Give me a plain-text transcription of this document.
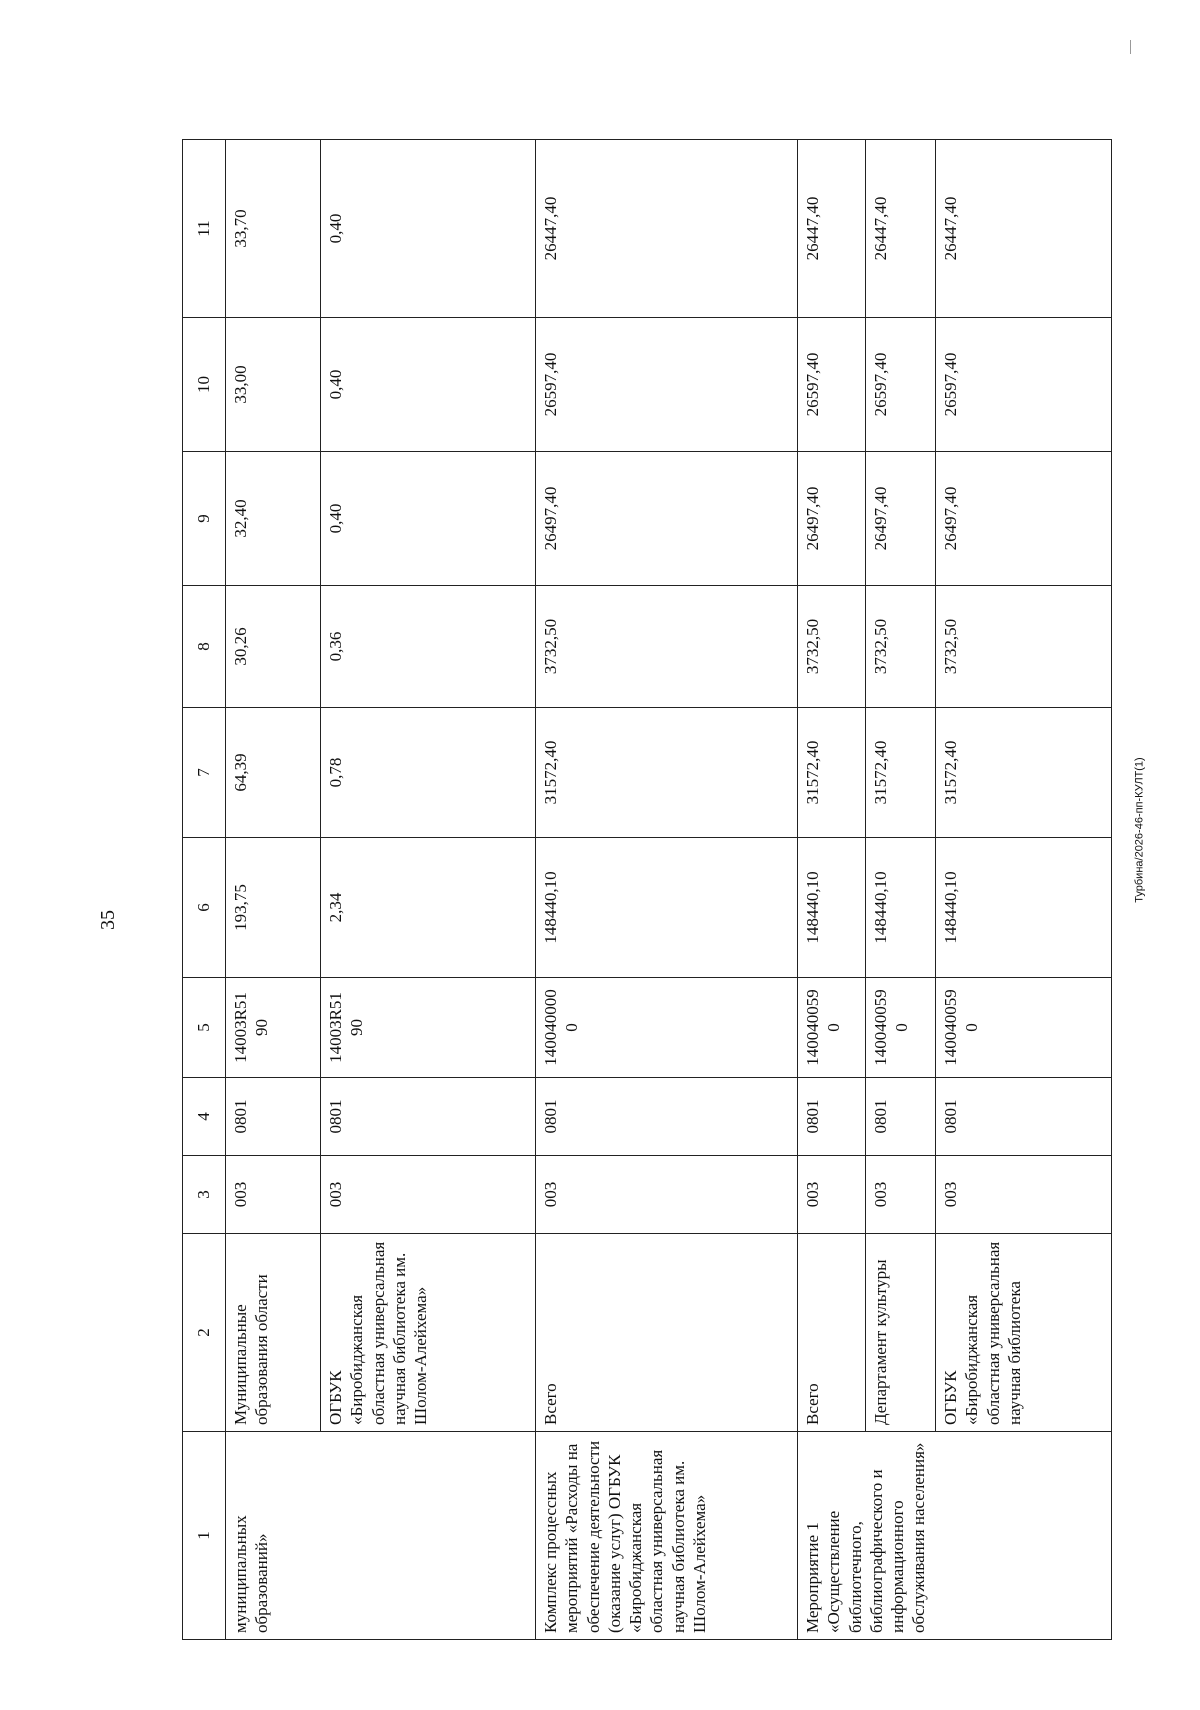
35
Турбина/2026-46-пп-КУЛТ(1)
1	2	3	4	5	6	7	8	9	10	11
муниципальных образований»	Муниципальные образования области	003	0801	14003R51 90	193,75	64,39	30,26	32,40	33,00	33,70
	ОГБУК «Биробиджанская областная универсальная научная библиотека им. Шолом-Алейхема»	003	0801	14003R51 90	2,34	0,78	0,36	0,40	0,40	0,40
Комплекс процессных мероприятий «Расходы на обеспечение деятельности (оказание услуг) ОГБУК «Биробиджанская областная универсальная научная библиотека им. Шолом-Алейхема»	Всего	003	0801	140040000 0	148440,10	31572,40	3732,50	26497,40	26597,40	26447,40
Мероприятие 1 «Осуществление библиотечного, библиографического и информационного обслуживания населения»	Всего	003	0801	140040059 0	148440,10	31572,40	3732,50	26497,40	26597,40	26447,40
	Департамент культуры	003	0801	140040059 0	148440,10	31572,40	3732,50	26497,40	26597,40	26447,40
	ОГБУК «Биробиджанская областная универсальная научная библиотека	003	0801	140040059 0	148440,10	31572,40	3732,50	26497,40	26597,40	26447,40
